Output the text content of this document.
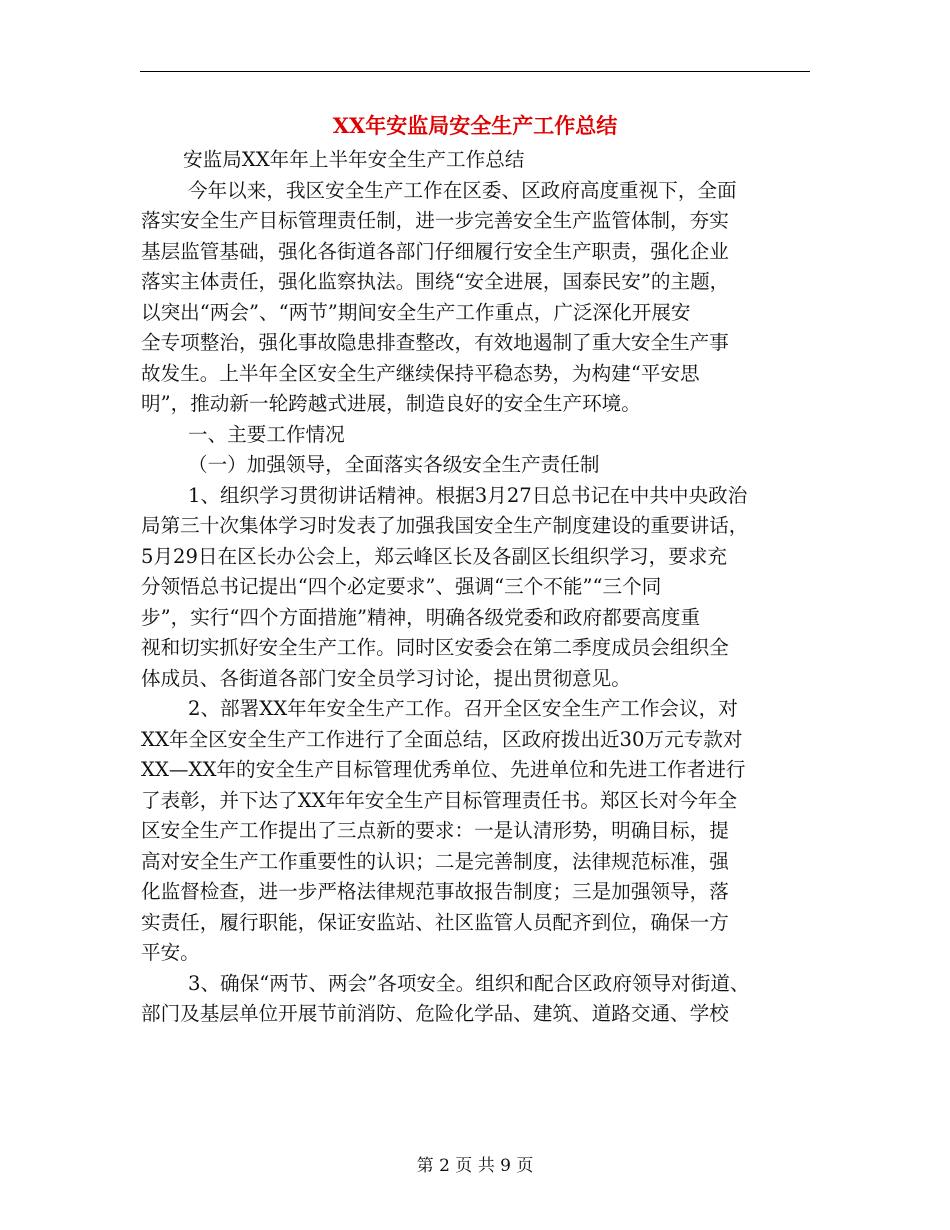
XX年安监局安全生产工作总结
安监局XX年年上半年安全生产工作总结
今年以来，我区安全生产工作在区委、区政府高度重视下，全面
落实安全生产目标管理责任制，进一步完善安全生产监管体制，夯实
基层监管基础，强化各街道各部门仔细履行安全生产职责，强化企业
落实主体责任，强化监察执法。围绕“安全进展，国泰民安”的主题，
以突出“两会”、“两节”期间安全生产工作重点，广泛深化开展安
全专项整治，强化事故隐患排查整改，有效地遏制了重大安全生产事
故发生。上半年全区安全生产继续保持平稳态势，为构建“平安思
明”，推动新一轮跨越式进展，制造良好的安全生产环境。
一、主要工作情况
（一）加强领导，全面落实各级安全生产责任制
1、组织学习贯彻讲话精神。根据3月27日总书记在中共中央政治
局第三十次集体学习时发表了加强我国安全生产制度建设的重要讲话，
5月29日在区长办公会上，郑云峰区长及各副区长组织学习，要求充
分领悟总书记提出“四个必定要求”、强调“三个不能”“三个同
步”，实行“四个方面措施”精神，明确各级党委和政府都要高度重
视和切实抓好安全生产工作。同时区安委会在第二季度成员会组织全
体成员、各街道各部门安全员学习讨论，提出贯彻意见。
2、部署XX年年安全生产工作。召开全区安全生产工作会议，对
XX年全区安全生产工作进行了全面总结，区政府拨出近30万元专款对
XX—XX年的安全生产目标管理优秀单位、先进单位和先进工作者进行
了表彰，并下达了XX年年安全生产目标管理责任书。郑区长对今年全
区安全生产工作提出了三点新的要求：一是认清形势，明确目标，提
高对安全生产工作重要性的认识；二是完善制度，法律规范标准，强
化监督检查，进一步严格法律规范事故报告制度；三是加强领导，落
实责任，履行职能，保证安监站、社区监管人员配齐到位，确保一方
平安。
3、确保“两节、两会”各项安全。组织和配合区政府领导对街道、
部门及基层单位开展节前消防、危险化学品、建筑、道路交通、学校
第 2 页 共 9 页
